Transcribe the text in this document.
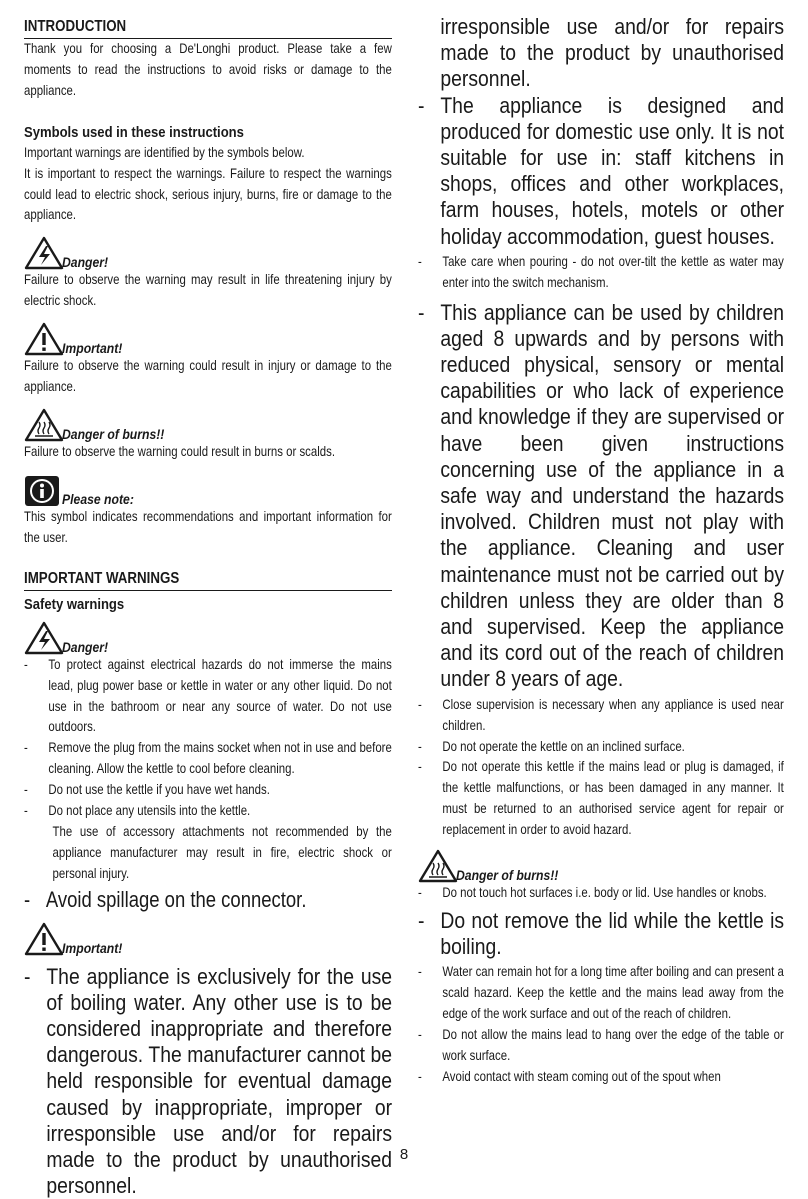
INTRODUCTION
Thank you for choosing a De'Longhi product. Please take a few moments to read the instructions to avoid risks or damage to the appliance.
Symbols used in these instructions
Important warnings are identified by the symbols below.
It is important to respect the warnings. Failure to respect the warnings could lead to electric shock, serious injury, burns, fire or damage to the appliance.
Danger!
Failure to observe the warning may result in life threatening injury by electric shock.
Important!
Failure to observe the warning could result in injury or damage to the appliance.
Danger of burns!!
Failure to observe the warning could result in burns or scalds.
Please note:
This symbol indicates recommendations and important information for the user.
IMPORTANT WARNINGS
Safety warnings
Danger!
-	To protect against electrical hazards do not immerse the mains lead, plug power base or kettle in water or any other liquid. Do not use in the bathroom or near any source of water. Do not use outdoors.
-	Remove the plug from the mains socket when not in use and before cleaning. Allow the kettle to cool before cleaning.
-	Do not use the kettle if you have wet hands.
-	Do not place any utensils into the kettle.
The use of accessory attachments not recommended by the appliance manufacturer may result in fire, electric shock or personal injury.
- Avoid spillage on the connector.
Important!
- The appliance is exclusively for the use of boiling water. Any other use is to be considered inappropriate and therefore dangerous. The manufacturer cannot be held responsible for eventual damage caused by inappropriate, improper or irresponsible use and/or for repairs made to the product by unauthorised personnel.
irresponsible use and/or for repairs made to the product by unauthorised personnel.
- The appliance is designed and produced for domestic use only. It is not suitable for use in: staff kitchens in shops, offices and other workplaces, farm houses, hotels, motels or other holiday accommodation, guest houses.
-	Take care when pouring - do not over-tilt the kettle as water may enter into the switch mechanism.
- This appliance can be used by children aged 8 upwards and by persons with reduced physical, sensory or mental capabilities or who lack of experience and knowledge if they are supervised or have been given instructions concerning use of the appliance in a safe way and understand the hazards involved. Children must not play with the appliance. Cleaning and user maintenance must not be carried out by children unless they are older than 8 and supervised. Keep the appliance and its cord out of the reach of children under 8 years of age.
-	Close supervision is necessary when any appliance is used near children.
-	Do not operate the kettle on an inclined surface.
-	Do not operate this kettle if the mains lead or plug is damaged, if the kettle malfunctions, or has been damaged in any manner. It must be returned to an authorised service agent for repair or replacement in order to avoid hazard.
Danger of burns!!
-	Do not touch hot surfaces i.e. body or lid. Use handles or knobs.
- Do not remove the lid while the kettle is boiling.
-	Water can remain hot for a long time after boiling and can present a scald hazard. Keep the kettle and the mains lead away from the edge of the work surface and out of the reach of children.
-	Do not allow the mains lead to hang over the edge of the table or work surface.
-	Avoid contact with steam coming out of the spout when
8
